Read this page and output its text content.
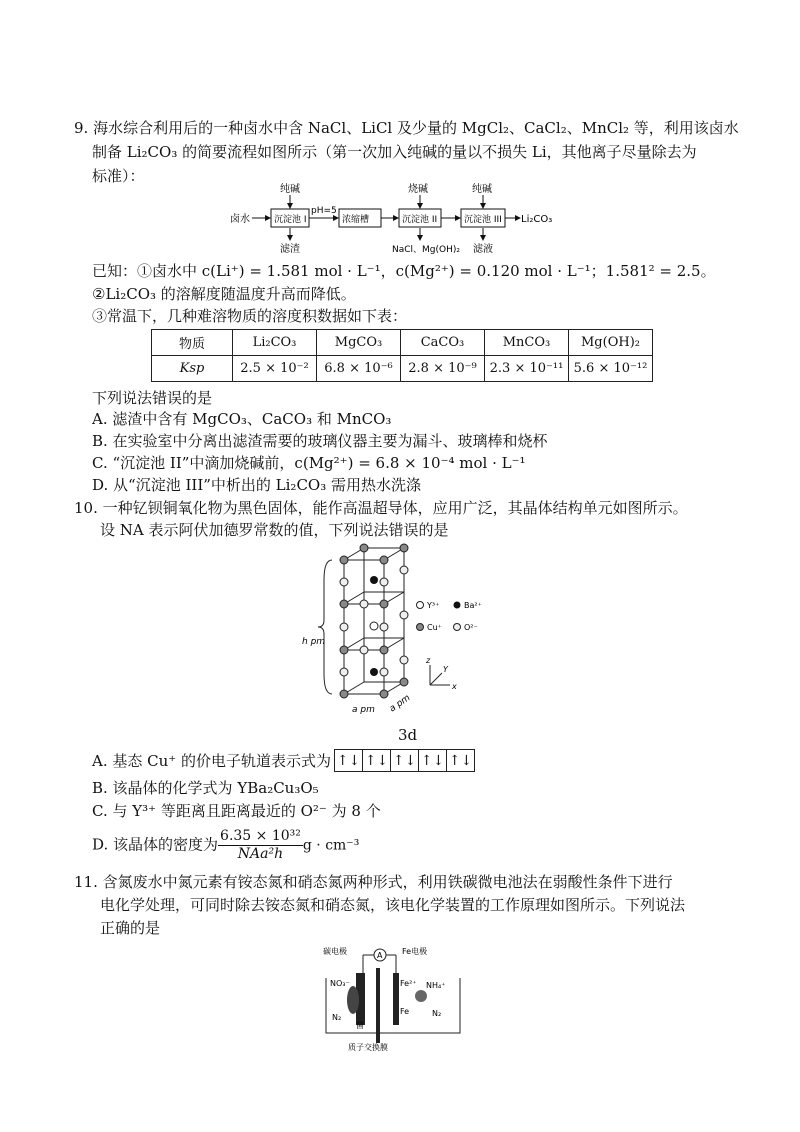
9. 海水综合利用后的一种卤水中含 NaCl、LiCl 及少量的 MgCl₂、CaCl₂、MnCl₂ 等，利用该卤水
制备 Li₂CO₃ 的简要流程如图所示（第一次加入纯碱的量以不损失 Li，其他离子尽量除去为
标准）：
卤水	沉淀池 I
pH=5
浓缩槽	沉淀池 II	沉淀池 III Li₂CO₃
纯碱	烧碱	纯碱
滤渣	NaCl、Mg(OH)₂ 滤液
已知：①卤水中 c(Li⁺) = 1.581 mol · L⁻¹，c(Mg²⁺) = 0.120 mol · L⁻¹；1.581² = 2.5。
②Li₂CO₃ 的溶解度随温度升高而降低。
③常温下，几种难溶物质的溶度积数据如下表：
物质	Li₂CO₃	MgCO₃	CaCO₃	MnCO₃	Mg(OH)₂
Ksp	2.5 × 10⁻²	6.8 × 10⁻⁶	2.8 × 10⁻⁹	2.3 × 10⁻¹¹	5.6 × 10⁻¹²
下列说法错误的是
A. 滤渣中含有 MgCO₃、CaCO₃ 和 MnCO₃
B. 在实验室中分离出滤渣需要的玻璃仪器主要为漏斗、玻璃棒和烧杯
C. “沉淀池 II”中滴加烧碱前，c(Mg²⁺) = 6.8 × 10⁻⁴ mol · L⁻¹
D. 从“沉淀池 III”中析出的 Li₂CO₃ 需用热水洗涤
10. 一种钇钡铜氧化物为黑色固体，能作高温超导体，应用广泛，其晶体结构单元如图所示。
设 NA 表示阿伏加德罗常数的值，下列说法错误的是
h pm
a pm a pm
Y³⁺	Ba²⁺
Cu⁺	O²⁻
z
Y
x
3d
A. 基态 Cu⁺ 的价电子轨道表示式为 ↑↓ ↑↓ ↑↓ ↑↓ ↑↓
B. 该晶体的化学式为 YBa₂Cu₃O₅
C. 与 Y³⁺ 等距离且距离最近的 O²⁻ 为 8 个
D. 该晶体的密度为 $\frac{\text{6.35 × 10³²}}{\text{NAa²h}}$ g · cm⁻³
11. 含氮废水中氮元素有铵态氮和硝态氮两种形式，利用铁碳微电池法在弱酸性条件下进行
电化学处理，可同时除去铵态氮和硝态氮，该电化学装置的工作原理如图所示。下列说法
正确的是
A
碳电极	Fe电极
NO₃⁻
N₂
菌
Fe²⁺ NH₄⁺
Fe	N₂
质子交换膜
